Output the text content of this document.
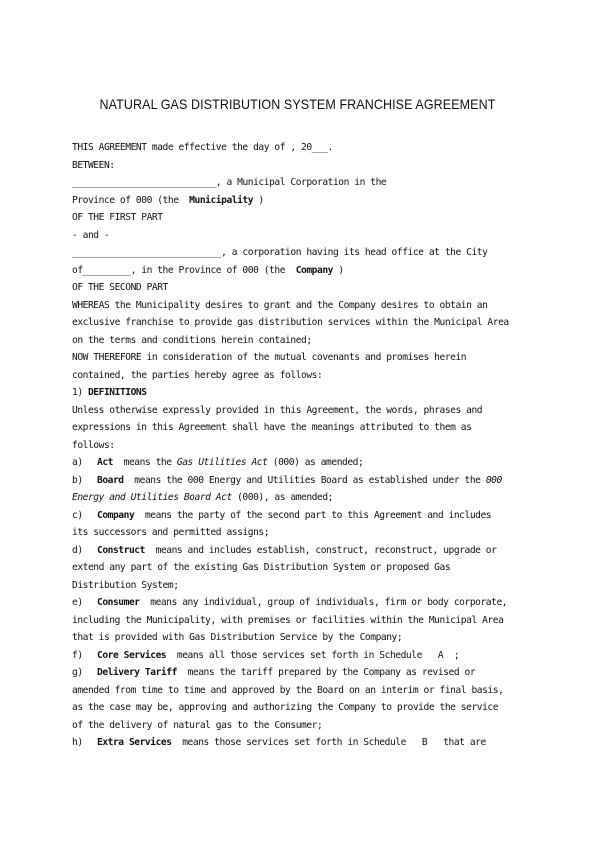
NATURAL GAS DISTRIBUTION SYSTEM FRANCHISE AGREEMENT
THIS AGREEMENT made effective the day of , 20___.
BETWEEN:
___________________________, a Municipal Corporation in the
Province of 000 (the  Municipality )
OF THE FIRST PART
- and -
____________________________, a corporation having its head office at the City
of_________, in the Province of 000 (the  Company )
OF THE SECOND PART
WHEREAS the Municipality desires to grant and the Company desires to obtain an
exclusive franchise to provide gas distribution services within the Municipal Area
on the terms and conditions herein contained;
NOW THEREFORE in consideration of the mutual covenants and promises herein
contained, the parties hereby agree as follows:
1) DEFINITIONS
Unless otherwise expressly provided in this Agreement, the words, phrases and
expressions in this Agreement shall have the meanings attributed to them as
follows:
a) Act  means the Gas Utilities Act (000) as amended;
b) Board  means the 000 Energy and Utilities Board as established under the 000
Energy and Utilities Board Act (000), as amended;
c) Company  means the party of the second part to this Agreement and includes
its successors and permitted assigns;
d) Construct  means and includes establish, construct, reconstruct, upgrade or
extend any part of the existing Gas Distribution System or proposed Gas
Distribution System;
e) Consumer  means any individual, group of individuals, firm or body corporate,
including the Municipality, with premises or facilities within the Municipal Area
that is provided with Gas Distribution Service by the Company;
f) Core Services  means all those services set forth in Schedule   A  ;
g) Delivery Tariff  means the tariff prepared by the Company as revised or
amended from time to time and approved by the Board on an interim or final basis,
as the case may be, approving and authorizing the Company to provide the service
of the delivery of natural gas to the Consumer;
h) Extra Services  means those services set forth in Schedule   B   that are
